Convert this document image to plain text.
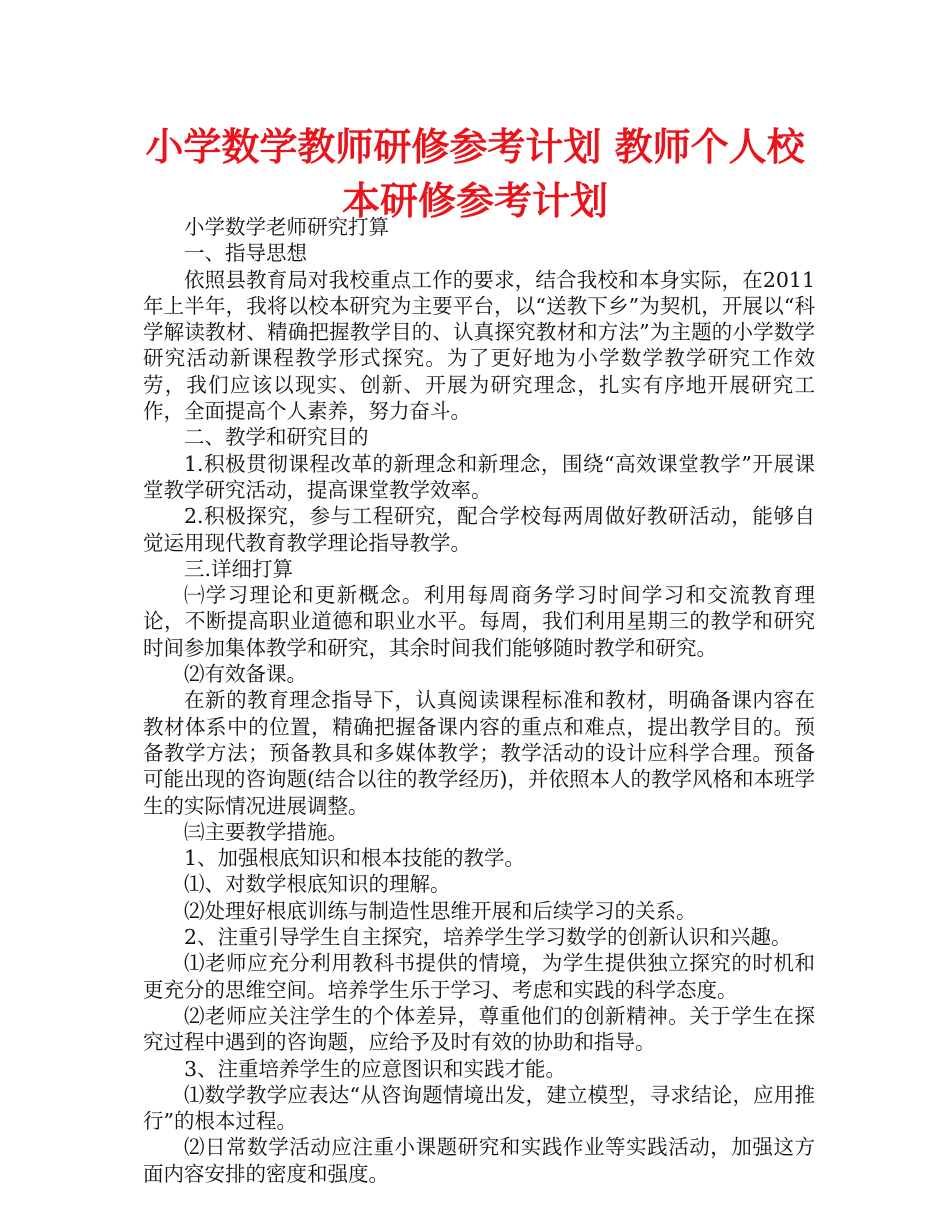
小学数学教师研修参考计划 教师个人校本研修参考计划

小学数学老师研究打算

一、指导思想

依照县教育局对我校重点工作的要求，结合我校和本身实际，在2011年上半年，我将以校本研究为主要平台，以“送教下乡”为契机，开展以“科学解读教材、精确把握教学目的、认真探究教材和方法”为主题的小学数学研究活动新课程教学形式探究。为了更好地为小学数学教学研究工作效劳，我们应该以现实、创新、开展为研究理念，扎实有序地开展研究工作，全面提高个人素养，努力奋斗。

二、教学和研究目的

1.积极贯彻课程改革的新理念和新理念，围绕“高效课堂教学”开展课堂教学研究活动，提高课堂教学效率。

2.积极探究，参与工程研究，配合学校每两周做好教研活动，能够自觉运用现代教育教学理论指导教学。

三.详细打算

㈠学习理论和更新概念。利用每周商务学习时间学习和交流教育理论，不断提高职业道德和职业水平。每周，我们利用星期三的教学和研究时间参加集体教学和研究，其余时间我们能够随时教学和研究。

⑵有效备课。

在新的教育理念指导下，认真阅读课程标准和教材，明确备课内容在教材体系中的位置，精确把握备课内容的重点和难点，提出教学目的。预备教学方法；预备教具和多媒体教学；教学活动的设计应科学合理。预备可能出现的咨询题(结合以往的教学经历)，并依照本人的教学风格和本班学生的实际情况进展调整。

㈢主要教学措施。

1、加强根底知识和根本技能的教学。

⑴、对数学根底知识的理解。

⑵处理好根底训练与制造性思维开展和后续学习的关系。

2、注重引导学生自主探究，培养学生学习数学的创新认识和兴趣。

⑴老师应充分利用教科书提供的情境，为学生提供独立探究的时机和更充分的思维空间。培养学生乐于学习、考虑和实践的科学态度。

⑵老师应关注学生的个体差异，尊重他们的创新精神。关于学生在探究过程中遇到的咨询题，应给予及时有效的协助和指导。

3、注重培养学生的应意图识和实践才能。

⑴数学教学应表达“从咨询题情境出发，建立模型，寻求结论，应用推行”的根本过程。

⑵日常数学活动应注重小课题研究和实践作业等实践活动，加强这方面内容安排的密度和强度。
